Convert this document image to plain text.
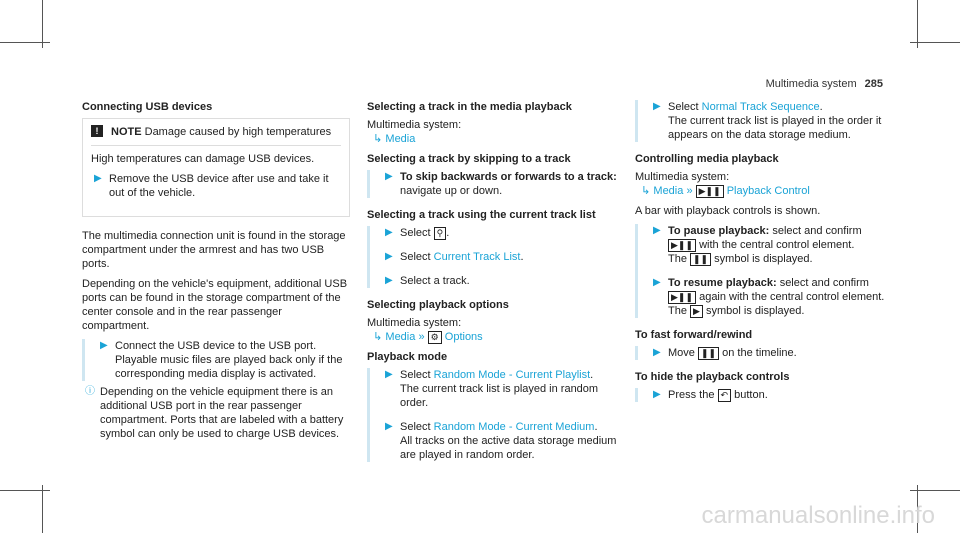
Multimedia system 285
Connecting USB devices
!	NOTE Damage caused by high temperatures

High temperatures can damage USB devices.

▶ Remove the USB device after use and take it out of the vehicle.

The multimedia connection unit is found in the storage compartment under the armrest and has two USB ports.

Depending on the vehicle's equipment, additional USB ports can be found in the storage compartment of the center console and in the rear passenger compartment.

▶ Connect the USB device to the USB port.
Playable music files are played back only if the corresponding media display is activated.
ⓘ Depending on the vehicle equipment there is an additional USB port in the rear passenger compartment. Ports that are labeled with a battery symbol can only be used to charge USB devices.
Selecting a track in the media playback
Multimedia system:

↳ Media

Selecting a track by skipping to a track
▶ To skip backwards or forwards to a track: navigate up or down.
Selecting a track using the current track list
▶ Select ⚲ .
▶ Select Current Track List.
▶ Select a track.
Selecting playback options
Multimedia system:

↳ Media » ⚙ Options

Playback mode
▶ Select Random Mode - Current Playlist.
The current track list is played in random order.
▶ Select Random Mode - Current Medium.
All tracks on the active data storage medium are played in random order.
▶ Select Normal Track Sequence.
The current track list is played in the order it appears on the data storage medium.
Controlling media playback
Multimedia system:

↳ Media » ▶❚❚ Playback Control

A bar with playback controls is shown.

▶ To pause playback: select and confirm
▶❚❚ with the central control element.
The ❚❚ symbol is displayed.
▶ To resume playback: select and confirm
▶❚❚ again with the central control element.
The ▶ symbol is displayed.
To fast forward/rewind
▶ Move ❚❚ on the timeline.
To hide the playback controls
▶ Press the ↶ button.
carmanualsonline.info
